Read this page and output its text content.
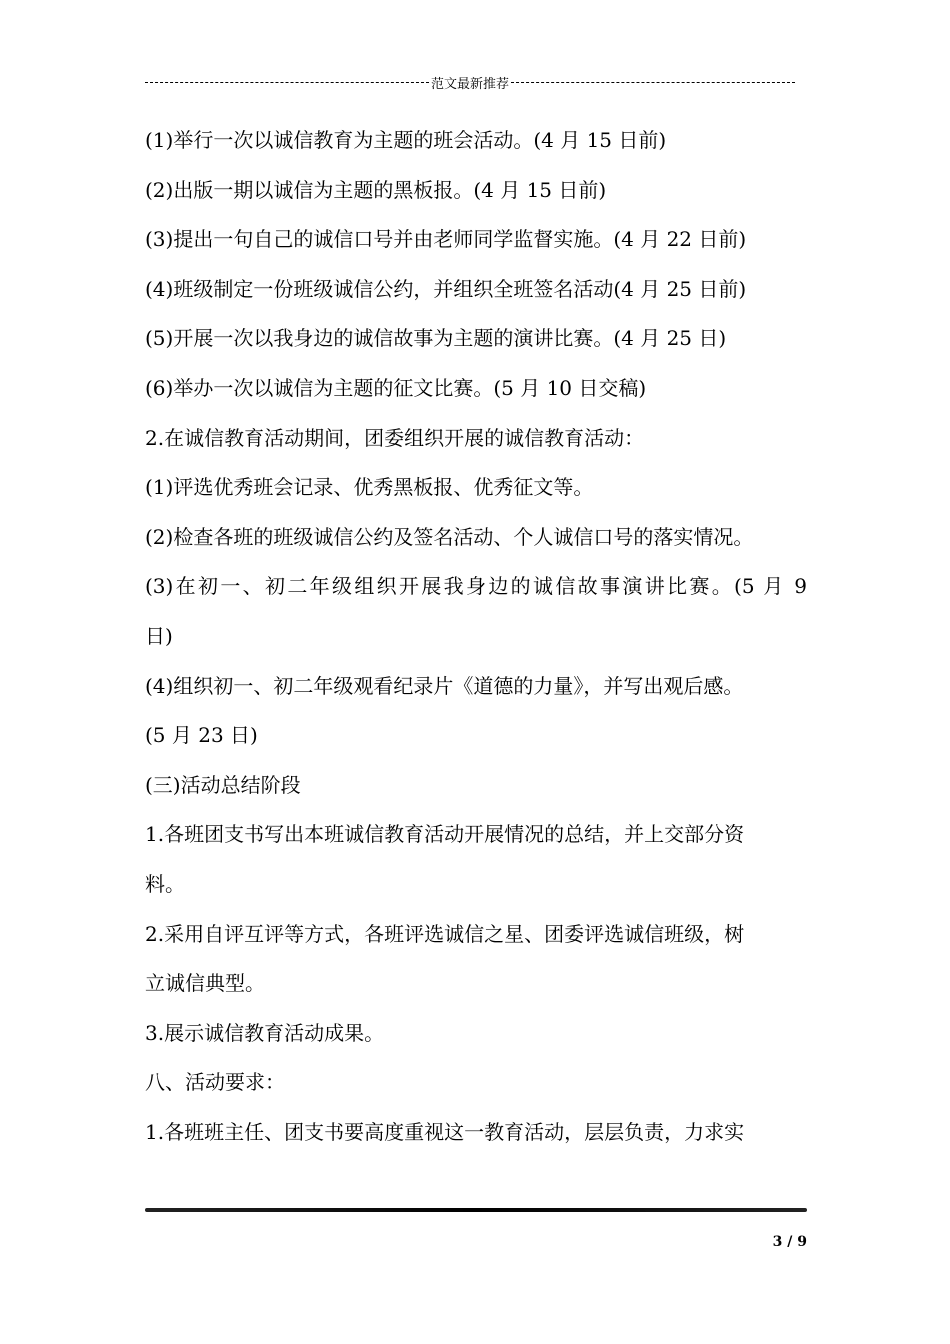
范文最新推荐
(1)举行一次以诚信教育为主题的班会活动。(4 月 15 日前)
(2)出版一期以诚信为主题的黑板报。(4 月 15 日前)
(3)提出一句自己的诚信口号并由老师同学监督实施。(4 月 22 日前)
(4)班级制定一份班级诚信公约，并组织全班签名活动(4 月 25 日前)
(5)开展一次以我身边的诚信故事为主题的演讲比赛。(4 月 25 日)
(6)举办一次以诚信为主题的征文比赛。(5 月 10 日交稿)
2.在诚信教育活动期间，团委组织开展的诚信教育活动：
(1)评选优秀班会记录、优秀黑板报、优秀征文等。
(2)检查各班的班级诚信公约及签名活动、个人诚信口号的落实情况。
(3)在初一、初二年级组织开展我身边的诚信故事演讲比赛。(5 月 9
日)
(4)组织初一、初二年级观看纪录片《道德的力量》，并写出观后感。
(5 月 23 日)
(三)活动总结阶段
1.各班团支书写出本班诚信教育活动开展情况的总结，并上交部分资
料。
2.采用自评互评等方式，各班评选诚信之星、团委评选诚信班级，树
立诚信典型。
3.展示诚信教育活动成果。
八、活动要求：
1.各班班主任、团支书要高度重视这一教育活动，层层负责，力求实
3 / 9
